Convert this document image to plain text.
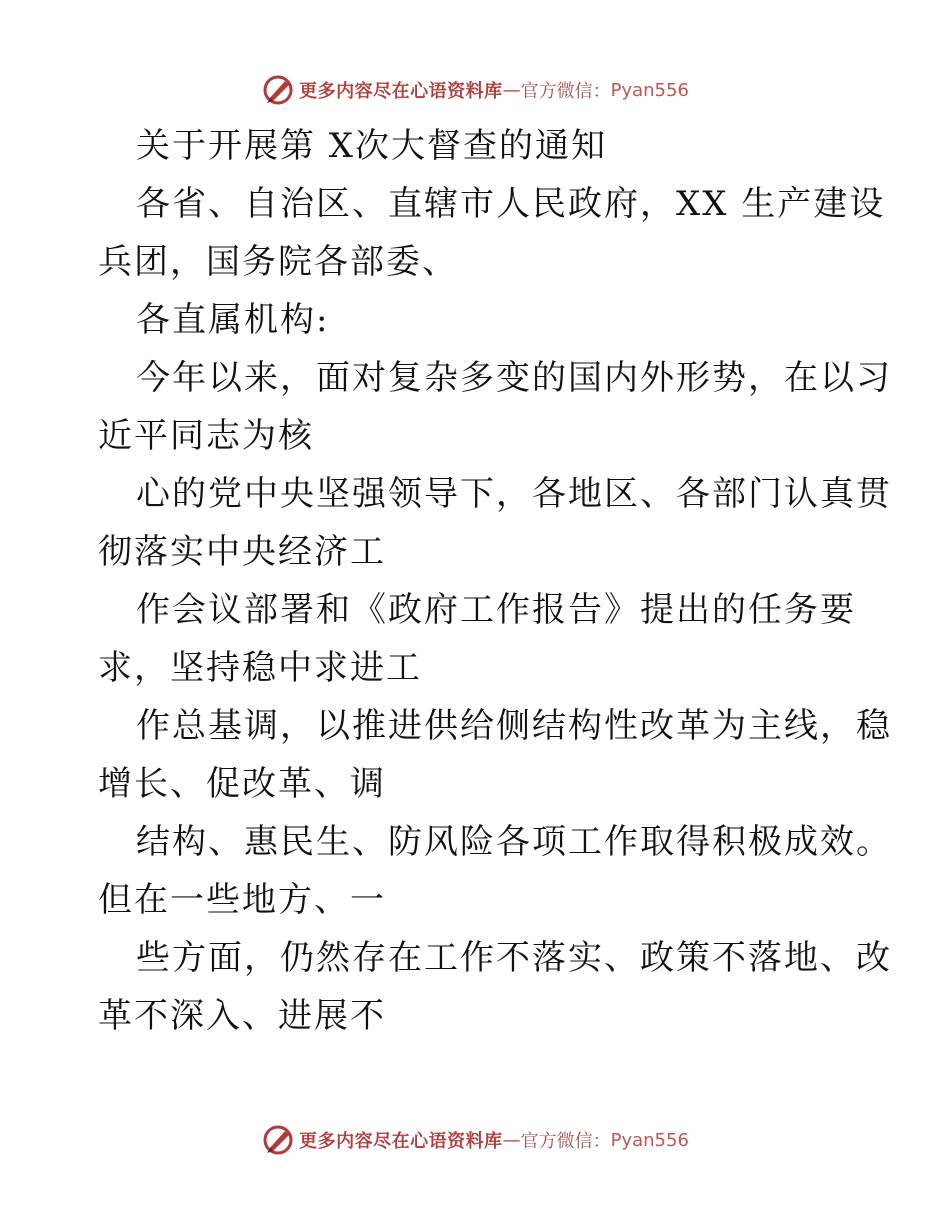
更多内容尽在心语资料库 — 官方微信： Pyan556
关于开展第 X次大督查的通知
各省、自治区、直辖市人民政府，XX 生产建设
兵团，国务院各部委、
各直属机构:
今年以来，面对复杂多变的国内外形势，在以习
近平同志为核
心的党中央坚强领导下，各地区、各部门认真贯
彻落实中央经济工
作会议部署和《政府工作报告》提出的任务要
求，坚持稳中求进工
作总基调，以推进供给侧结构性改革为主线，稳
增长、促改革、调
结构、惠民生、防风险各项工作取得积极成效。
但在一些地方、一
些方面，仍然存在工作不落实、政策不落地、改
革不深入、进展不
更多内容尽在心语资料库 — 官方微信： Pyan556
